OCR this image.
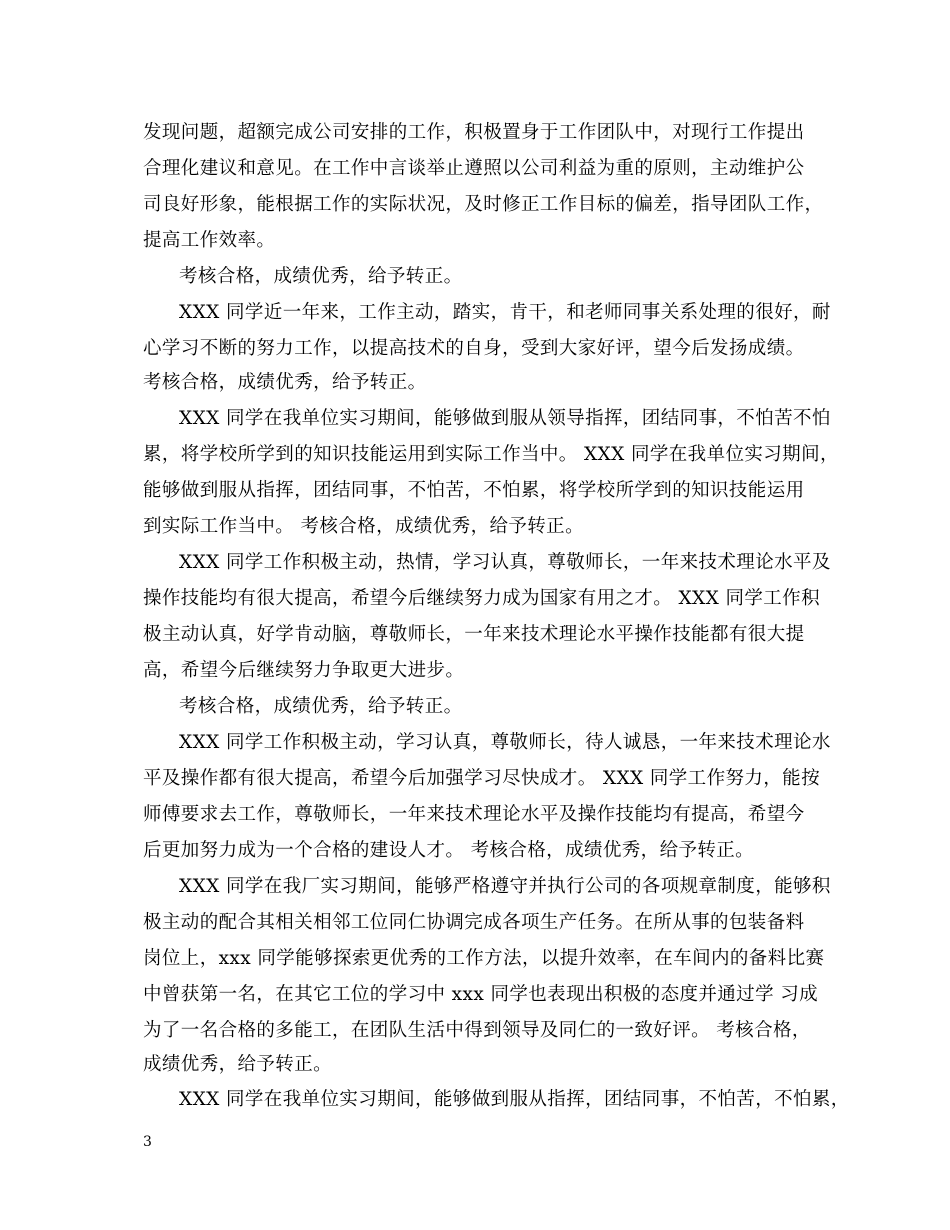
发现问题，超额完成公司安排的工作，积极置身于工作团队中，对现行工作提出
合理化建议和意见。在工作中言谈举止遵照以公司利益为重的原则，主动维护公
司良好形象，能根据工作的实际状况，及时修正工作目标的偏差，指导团队工作，
提高工作效率。
考核合格，成绩优秀，给予转正。
XXX 同学近一年来，工作主动，踏实，肯干，和老师同事关系处理的很好，耐
心学习不断的努力工作，以提高技术的自身，受到大家好评，望今后发扬成绩。
考核合格，成绩优秀，给予转正。
XXX 同学在我单位实习期间，能够做到服从领导指挥，团结同事，不怕苦不怕
累，将学校所学到的知识技能运用到实际工作当中。 XXX 同学在我单位实习期间，
能够做到服从指挥，团结同事，不怕苦，不怕累，将学校所学到的知识技能运用
到实际工作当中。 考核合格，成绩优秀，给予转正。
XXX 同学工作积极主动，热情，学习认真，尊敬师长，一年来技术理论水平及
操作技能均有很大提高，希望今后继续努力成为国家有用之才。 XXX 同学工作积
极主动认真，好学肯动脑，尊敬师长，一年来技术理论水平操作技能都有很大提
高，希望今后继续努力争取更大进步。
考核合格，成绩优秀，给予转正。
XXX 同学工作积极主动，学习认真，尊敬师长，待人诚恳，一年来技术理论水
平及操作都有很大提高，希望今后加强学习尽快成才。 XXX 同学工作努力，能按
师傅要求去工作，尊敬师长，一年来技术理论水平及操作技能均有提高，希望今
后更加努力成为一个合格的建设人才。 考核合格，成绩优秀，给予转正。
XXX 同学在我厂实习期间，能够严格遵守并执行公司的各项规章制度，能够积
极主动的配合其相关相邻工位同仁协调完成各项生产任务。在所从事的包装备料
岗位上，xxx 同学能够探索更优秀的工作方法，以提升效率，在车间内的备料比赛
中曾获第一名，在其它工位的学习中 xxx 同学也表现出积极的态度并通过学 习成
为了一名合格的多能工，在团队生活中得到领导及同仁的一致好评。 考核合格，
成绩优秀，给予转正。
XXX 同学在我单位实习期间，能够做到服从指挥，团结同事，不怕苦，不怕累，
3
